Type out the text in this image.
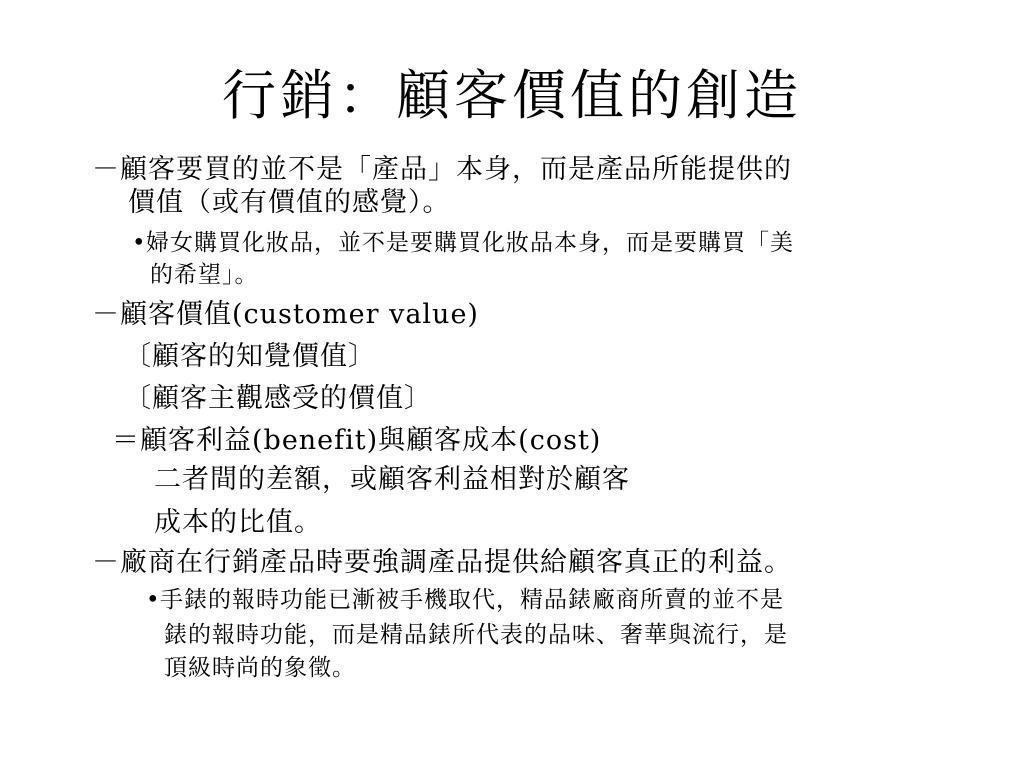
行銷：顧客價值的創造
－顧客要買的並不是「產品」本身，而是產品所能提供的
價值（或有價值的感覺）。
•婦女購買化妝品，並不是要購買化妝品本身，而是要購買「美
的希望」。
－顧客價值(customer value)
〔顧客的知覺價值〕
〔顧客主觀感受的價值〕
＝顧客利益(benefit)與顧客成本(cost)
二者間的差額，或顧客利益相對於顧客
成本的比值。
－廠商在行銷產品時要強調產品提供給顧客真正的利益。
•手錶的報時功能已漸被手機取代，精品錶廠商所賣的並不是
錶的報時功能，而是精品錶所代表的品味、奢華與流行，是
頂級時尚的象徵。
